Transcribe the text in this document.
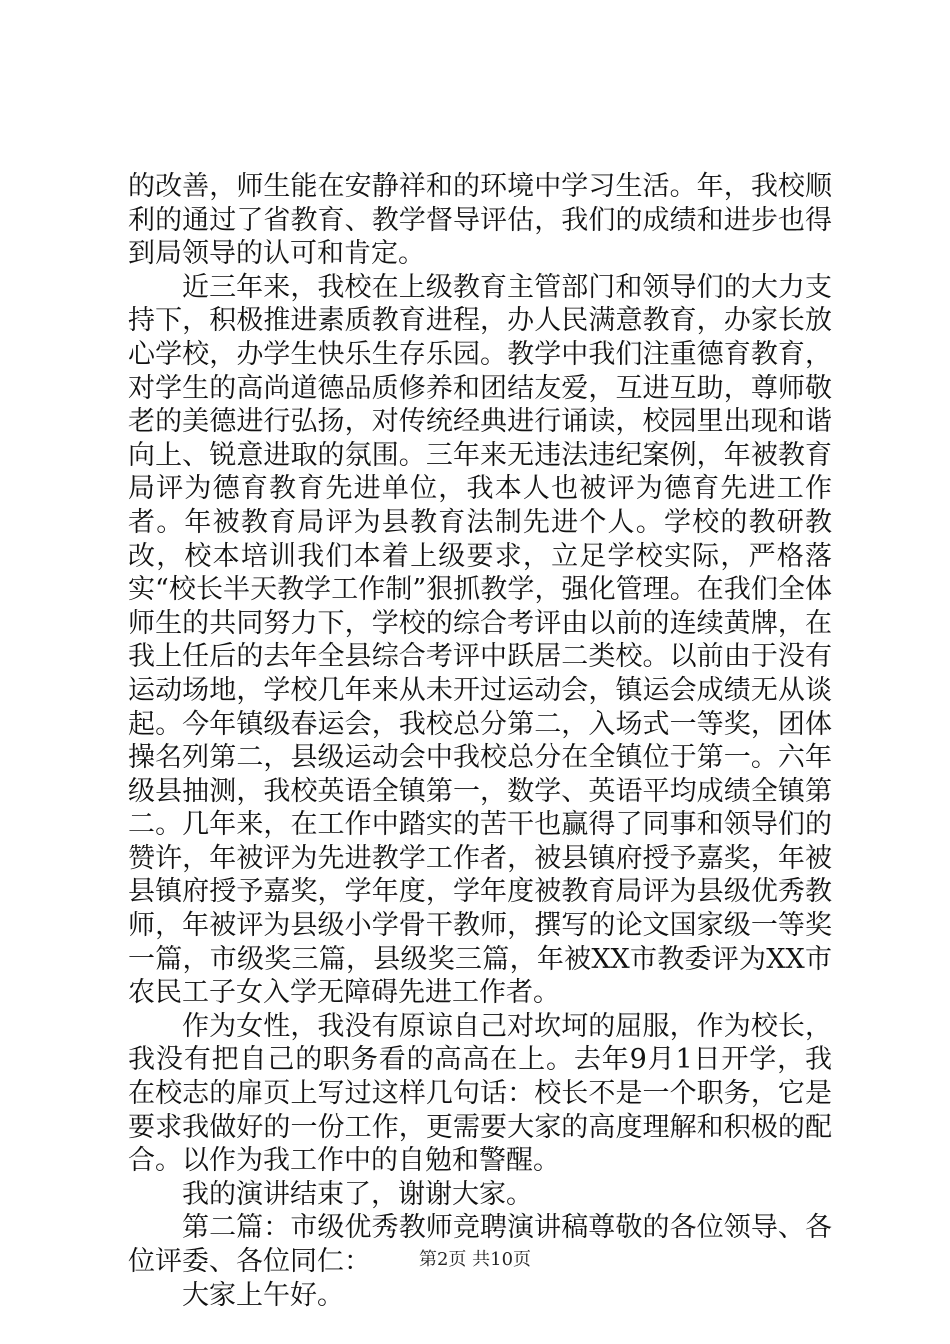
的改善，师生能在安静祥和的环境中学习生活。年，我校顺利的通过了省教育、教学督导评估，我们的成绩和进步也得到局领导的认可和肯定。

近三年来，我校在上级教育主管部门和领导们的大力支持下，积极推进素质教育进程，办人民满意教育，办家长放心学校，办学生快乐生存乐园。教学中我们注重德育教育，对学生的高尚道德品质修养和团结友爱，互进互助，尊师敬老的美德进行弘扬，对传统经典进行诵读，校园里出现和谐向上、锐意进取的氛围。三年来无违法违纪案例，年被教育局评为德育教育先进单位，我本人也被评为德育先进工作者。年被教育局评为县教育法制先进个人。学校的教研教改，校本培训我们本着上级要求，立足学校实际，严格落实“校长半天教学工作制”狠抓教学，强化管理。在我们全体师生的共同努力下，学校的综合考评由以前的连续黄牌，在我上任后的去年全县综合考评中跃居二类校。以前由于没有运动场地，学校几年来从未开过运动会，镇运会成绩无从谈起。今年镇级春运会，我校总分第二，入场式一等奖，团体操名列第二，县级运动会中我校总分在全镇位于第一。六年级县抽测，我校英语全镇第一，数学、英语平均成绩全镇第二。几年来，在工作中踏实的苦干也赢得了同事和领导们的赞许，年被评为先进教学工作者，被县镇府授予嘉奖，年被县镇府授予嘉奖，学年度，学年度被教育局评为县级优秀教师，年被评为县级小学骨干教师，撰写的论文国家级一等奖一篇，市级奖三篇，县级奖三篇，年被XX市教委评为XX市农民工子女入学无障碍先进工作者。

作为女性，我没有原谅自己对坎坷的屈服，作为校长，我没有把自己的职务看的高高在上。去年9月1日开学，我在校志的扉页上写过这样几句话：校长不是一个职务，它是要求我做好的一份工作，更需要大家的高度理解和积极的配合。以作为我工作中的自勉和警醒。

我的演讲结束了，谢谢大家。

第二篇：市级优秀教师竞聘演讲稿尊敬的各位领导、各位评委、各位同仁：

大家上午好。

第2页 共10页
